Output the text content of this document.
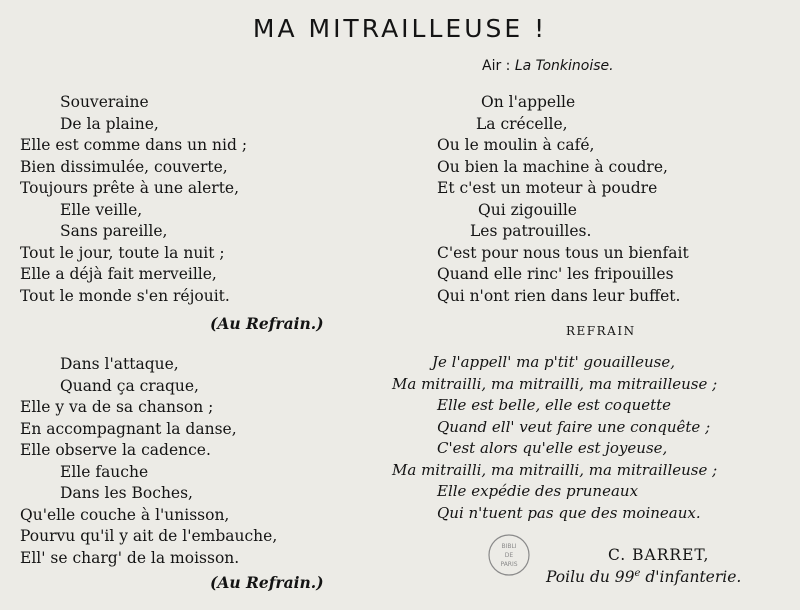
MA MITRAILLEUSE !
Air : La Tonkinoise.
Souveraine
De la plaine,
Elle est comme dans un nid ;
Bien dissimulée, couverte,
Toujours prête à une alerte,
Elle veille,
Sans pareille,
Tout le jour, toute la nuit ;
Elle a déjà fait merveille,
Tout le monde s'en réjouit.
(Au Refrain.)
Dans l'attaque,
Quand ça craque,
Elle y va de sa chanson ;
En accompagnant la danse,
Elle observe la cadence.
Elle fauche
Dans les Boches,
Qu'elle couche à l'unisson,
Pourvu qu'il y ait de l'embauche,
Ell' se charg' de la moisson.
(Au Refrain.)
On l'appelle
La crécelle,
Ou le moulin à café,
Ou bien la machine à coudre,
Et c'est un moteur à poudre
Qui zigouille
Les patrouilles.
C'est pour nous tous un bienfait
Quand elle rinc' les fripouilles
Qui n'ont rien dans leur buffet.
REFRAIN
Je l'appell' ma p'tit' gouailleuse,
Ma mitrailli, ma mitrailli, ma mitrailleuse ;
Elle est belle, elle est coquette
Quand ell' veut faire une conquête ;
C'est alors qu'elle est joyeuse,
Ma mitrailli, ma mitrailli, ma mitrailleuse ;
Elle expédie des pruneaux
Qui n'tuent pas que des moineaux.
BIBLI
DE
PARIS
C. BARRET,
Poilu du 99e d'infanterie.
